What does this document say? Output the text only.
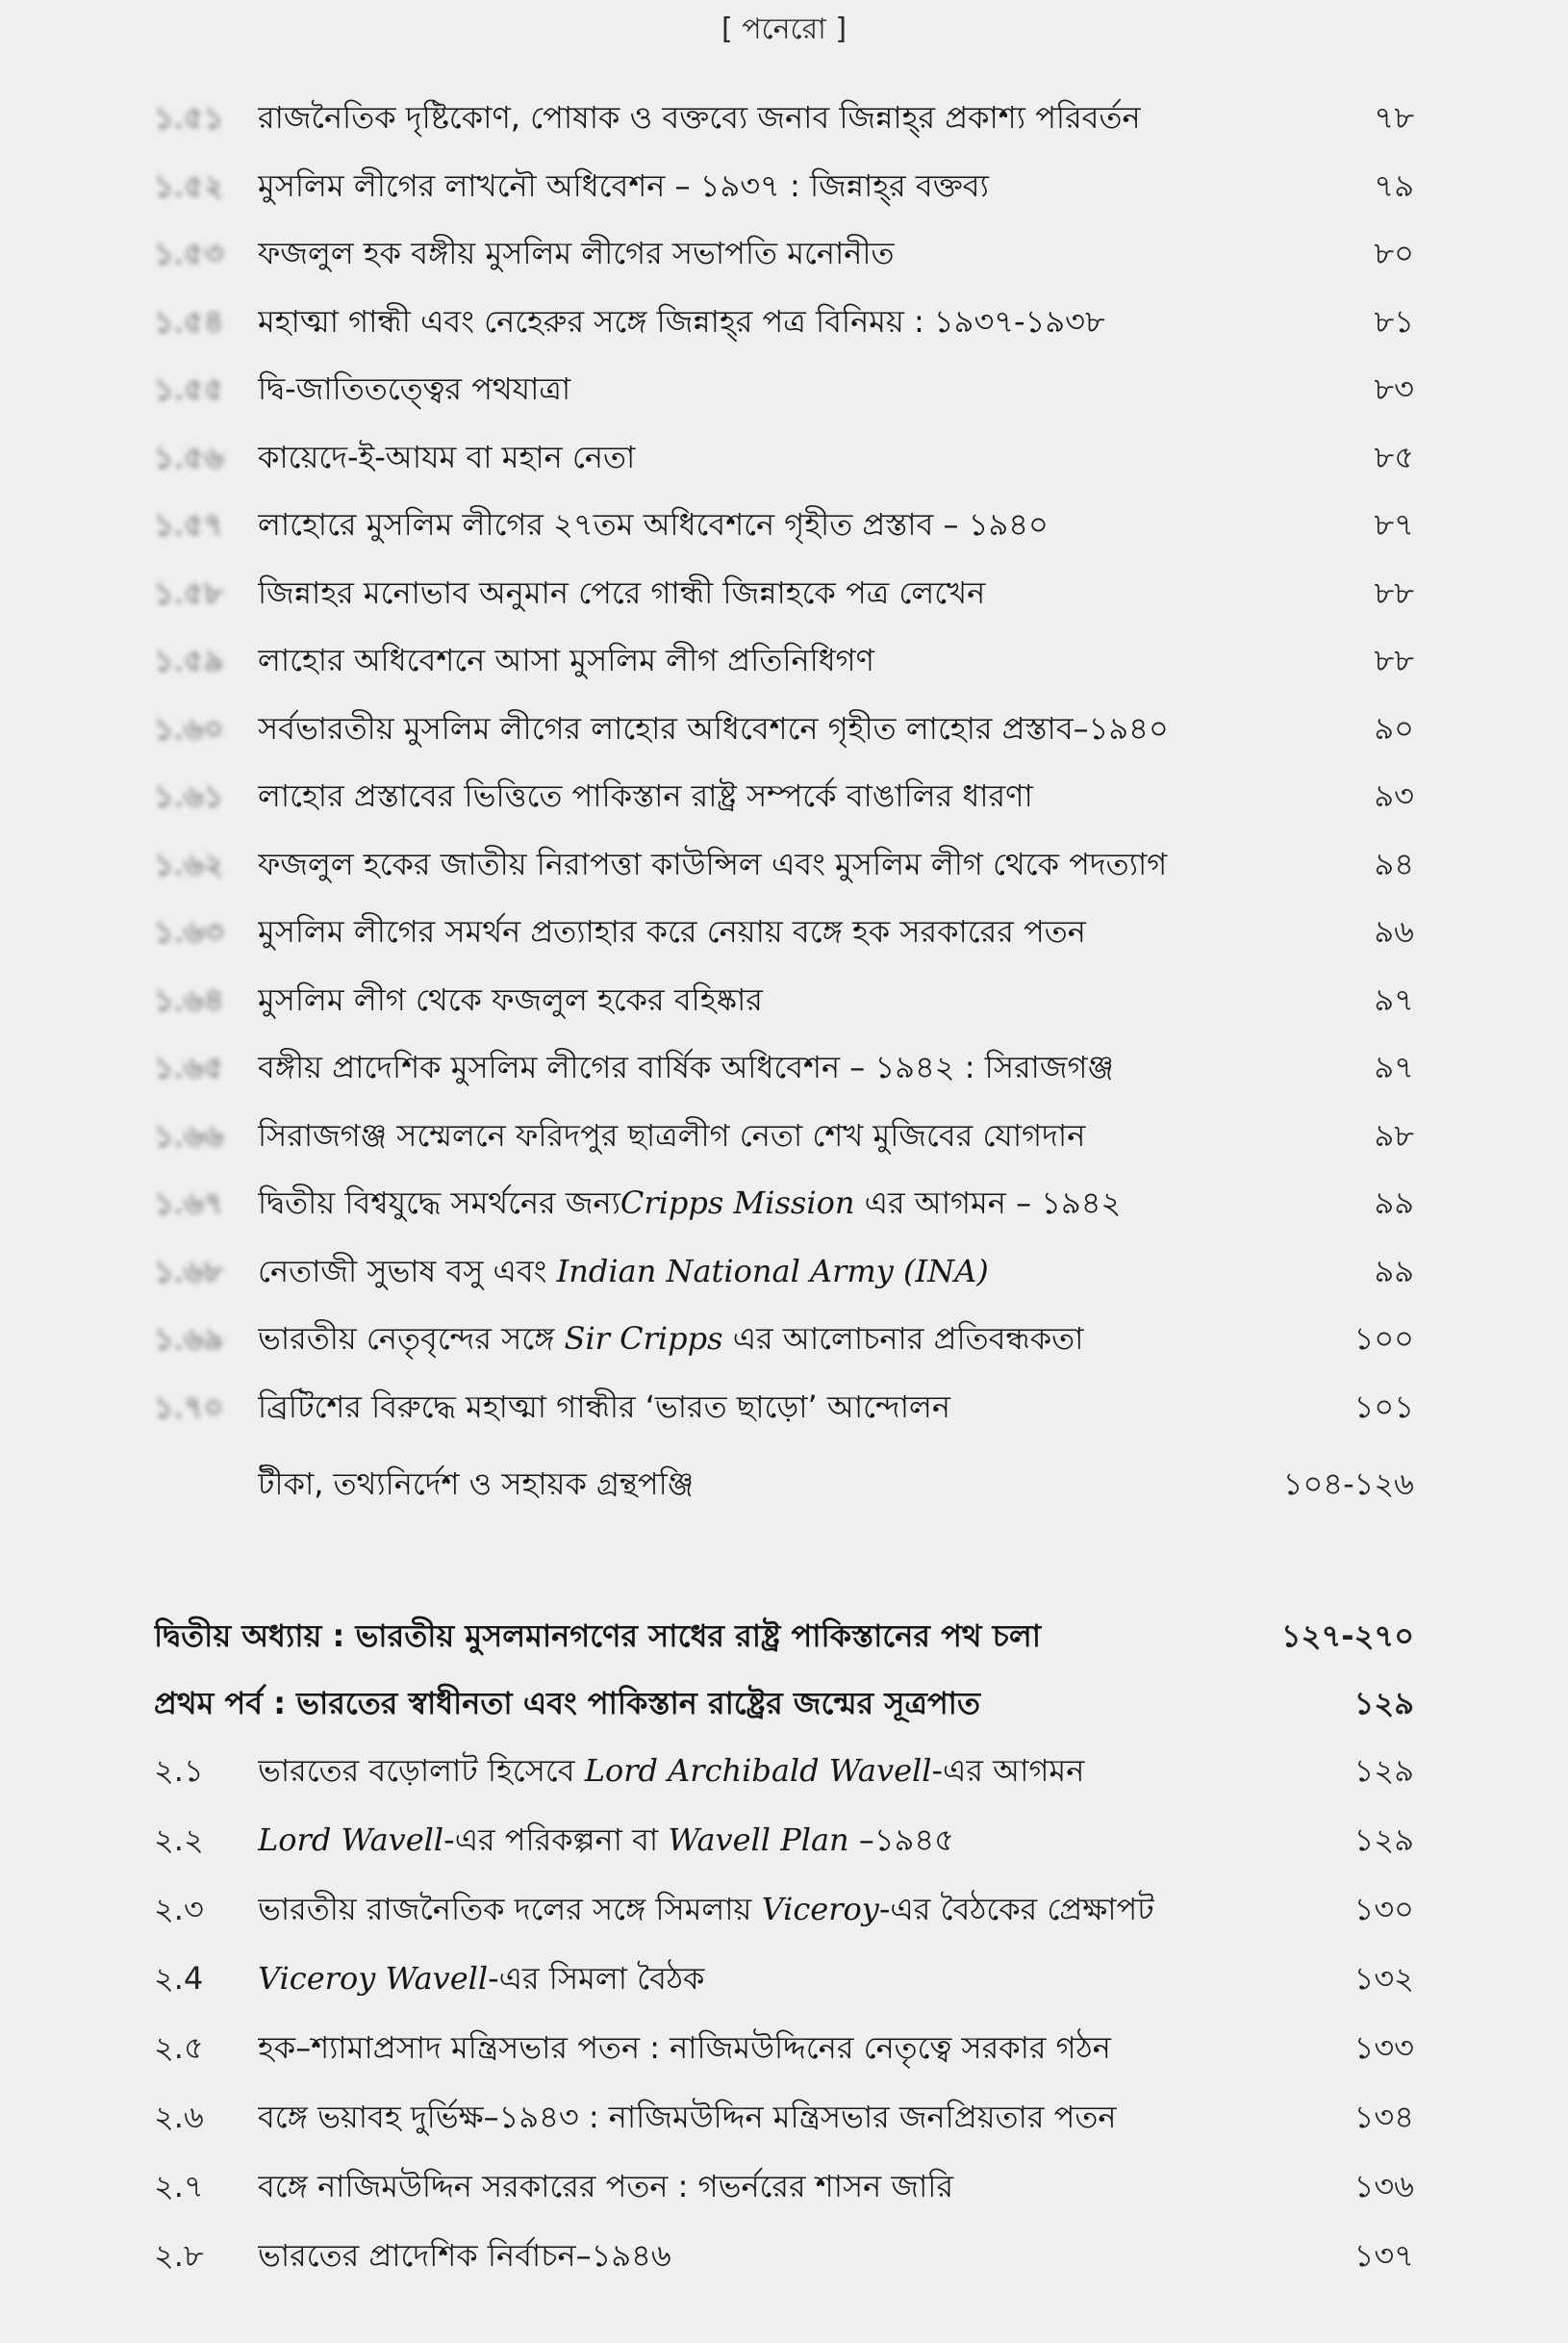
[ পনেরো ]
১.৫১	রাজনৈতিক দৃষ্টিকোণ, পোষাক ও বক্তব্যে জনাব জিন্নাহ্‌র প্রকাশ্য পরিবর্তন	৭৮
১.৫২	মুসলিম লীগের লাখনৌ অধিবেশন – ১৯৩৭ : জিন্নাহ্‌র বক্তব্য	৭৯
১.৫৩	ফজলুল হক বঙ্গীয় মুসলিম লীগের সভাপতি মনোনীত	৮০
১.৫৪	মহাত্মা গান্ধী এবং নেহেরুর সঙ্গে জিন্নাহ্‌র পত্র বিনিময় : ১৯৩৭-১৯৩৮	৮১
১.৫৫	দ্বি-জাতিতত্ত্বের পথযাত্রা	৮৩
১.৫৬	কায়েদে-ই-আযম বা মহান নেতা	৮৫
১.৫৭	লাহোরে মুসলিম লীগের ২৭তম অধিবেশনে গৃহীত প্রস্তাব – ১৯৪০	৮৭
১.৫৮	জিন্নাহর মনোভাব অনুমান পেরে গান্ধী জিন্নাহকে পত্র লেখেন	৮৮
১.৫৯	লাহোর অধিবেশনে আসা মুসলিম লীগ প্রতিনিধিগণ	৮৮
১.৬০	সর্বভারতীয় মুসলিম লীগের লাহোর অধিবেশনে গৃহীত লাহোর প্রস্তাব–১৯৪০	৯০
১.৬১	লাহোর প্রস্তাবের ভিত্তিতে পাকিস্তান রাষ্ট্র সম্পর্কে বাঙালির ধারণা	৯৩
১.৬২	ফজলুল হকের জাতীয় নিরাপত্তা কাউন্সিল এবং মুসলিম লীগ থেকে পদত্যাগ	৯৪
১.৬৩	মুসলিম লীগের সমর্থন প্রত্যাহার করে নেয়ায় বঙ্গে হক সরকারের পতন	৯৬
১.৬৪	মুসলিম লীগ থেকে ফজলুল হকের বহিষ্কার	৯৭
১.৬৫	বঙ্গীয় প্রাদেশিক মুসলিম লীগের বার্ষিক অধিবেশন – ১৯৪২ : সিরাজগঞ্জ	৯৭
১.৬৬	সিরাজগঞ্জ সম্মেলনে ফরিদপুর ছাত্রলীগ নেতা শেখ মুজিবের যোগদান	৯৮
১.৬৭	দ্বিতীয় বিশ্বযুদ্ধে সমর্থনের জন্যCripps Mission এর আগমন – ১৯৪২	৯৯
১.৬৮	নেতাজী সুভাষ বসু এবং Indian National Army (INA)	৯৯
১.৬৯	ভারতীয় নেতৃবৃন্দের সঙ্গে Sir Cripps এর আলোচনার প্রতিবন্ধকতা	১০০
১.৭০	ব্রিটিশের বিরুদ্ধে মহাত্মা গান্ধীর ‘ভারত ছাড়ো’ আন্দোলন	১০১
টীকা, তথ্যনির্দেশ ও সহায়ক গ্রন্থপঞ্জি	১০৪-১২৬
দ্বিতীয় অধ্যায় : ভারতীয় মুসলমানগণের সাধের রাষ্ট্র পাকিস্তানের পথ চলা	১২৭-২৭০
প্রথম পর্ব : ভারতের স্বাধীনতা এবং পাকিস্তান রাষ্ট্রের জন্মের সূত্রপাত	১২৯
২.১	ভারতের বড়োলাট হিসেবে Lord Archibald Wavell-এর আগমন	১২৯
২.২	Lord Wavell-এর পরিকল্পনা বা Wavell Plan –১৯৪৫	১২৯
২.৩	ভারতীয় রাজনৈতিক দলের সঙ্গে সিমলায় Viceroy-এর বৈঠকের প্রেক্ষাপট	১৩০
২.4	Viceroy Wavell-এর সিমলা বৈঠক	১৩২
২.৫	হক–শ্যামাপ্রসাদ মন্ত্রিসভার পতন : নাজিমউদ্দিনের নেতৃত্বে সরকার গঠন	১৩৩
২.৬	বঙ্গে ভয়াবহ দুর্ভিক্ষ–১৯৪৩ : নাজিমউদ্দিন মন্ত্রিসভার জনপ্রিয়তার পতন	১৩৪
২.৭	বঙ্গে নাজিমউদ্দিন সরকারের পতন : গভর্নরের শাসন জারি	১৩৬
২.৮	ভারতের প্রাদেশিক নির্বাচন–১৯৪৬	১৩৭
